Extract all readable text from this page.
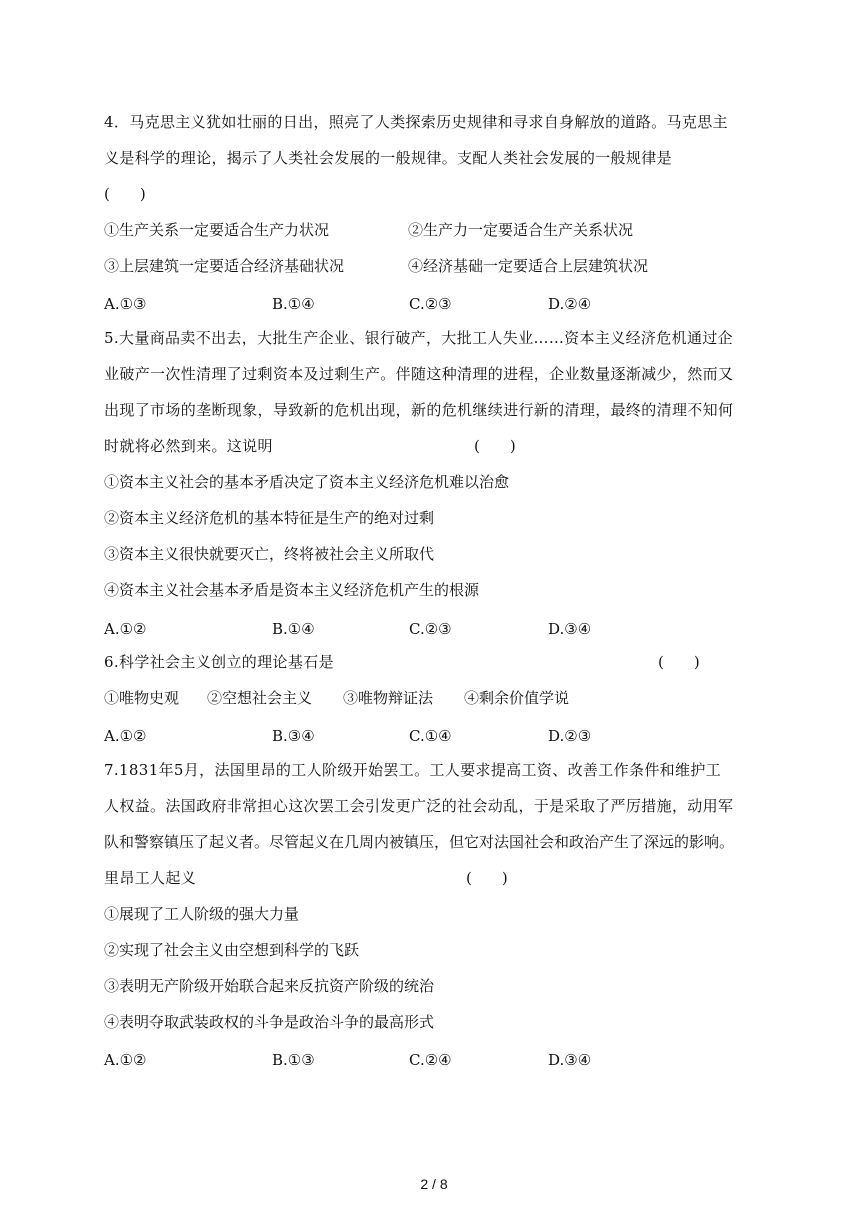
4．马克思主义犹如壮丽的日出，照亮了人类探索历史规律和寻求自身解放的道路。马克思主
义是科学的理论，揭示了人类社会发展的一般规律。支配人类社会发展的一般规律是
(　　)
①生产关系一定要适合生产力状况	②生产力一定要适合生产关系状况
③上层建筑一定要适合经济基础状况	④经济基础一定要适合上层建筑状况
A.①③	B.①④	C.②③	D.②④
5.大量商品卖不出去，大批生产企业、银行破产，大批工人失业……资本主义经济危机通过企
业破产一次性清理了过剩资本及过剩生产。伴随这种清理的进程，企业数量逐渐减少，然而又
出现了市场的垄断现象，导致新的危机出现，新的危机继续进行新的清理，最终的清理不知何
时就将必然到来。这说明	(　　)
①资本主义社会的基本矛盾决定了资本主义经济危机难以治愈
②资本主义经济危机的基本特征是生产的绝对过剩
③资本主义很快就要灭亡，终将被社会主义所取代
④资本主义社会基本矛盾是资本主义经济危机产生的根源
A.①②	B.①④	C.②③	D.③④
6.科学社会主义创立的理论基石是	(　　)
①唯物史观 ②空想社会主义 ③唯物辩证法 ④剩余价值学说
A.①②	B.③④	C.①④	D.②③
7.1831年5月，法国里昂的工人阶级开始罢工。工人要求提高工资、改善工作条件和维护工
人权益。法国政府非常担心这次罢工会引发更广泛的社会动乱，于是采取了严厉措施，动用军
队和警察镇压了起义者。尽管起义在几周内被镇压，但它对法国社会和政治产生了深远的影响。
里昂工人起义	(　　)
①展现了工人阶级的强大力量
②实现了社会主义由空想到科学的飞跃
③表明无产阶级开始联合起来反抗资产阶级的统治
④表明夺取武装政权的斗争是政治斗争的最高形式
A.①②	B.①③	C.②④	D.③④
2 / 8
